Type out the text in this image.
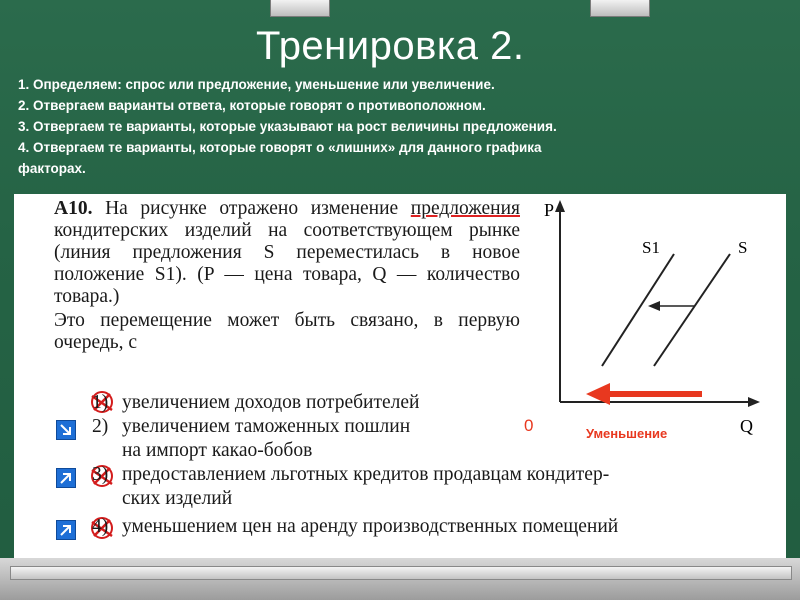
Тренировка 2.
1. Определяем: спрос или предложение, уменьшение или увеличение.
2. Отвергаем варианты ответа, которые говорят о противоположном.
3. Отвергаем те варианты, которые указывают на рост величины предложения.
4. Отвергаем те варианты, которые говорят о «лишних» для данного графика
факторах.
А10. На рисунке отражено изменение предложения кондитерских изделий на соответствующем рынке (линия предложения S переместилась в новое положение S1). (P — цена товара, Q — количество товара.)
Это перемещение может быть связано, в первую очередь, с
P
Q
S1	S
0	Уменьшение
1) увеличением доходов потребителей
2) увеличением таможенных пошлин
на импорт какао-бобов
3) предоставлением льготных кредитов продавцам кондитер-
ских изделий
4) уменьшением цен на аренду производственных помещений
